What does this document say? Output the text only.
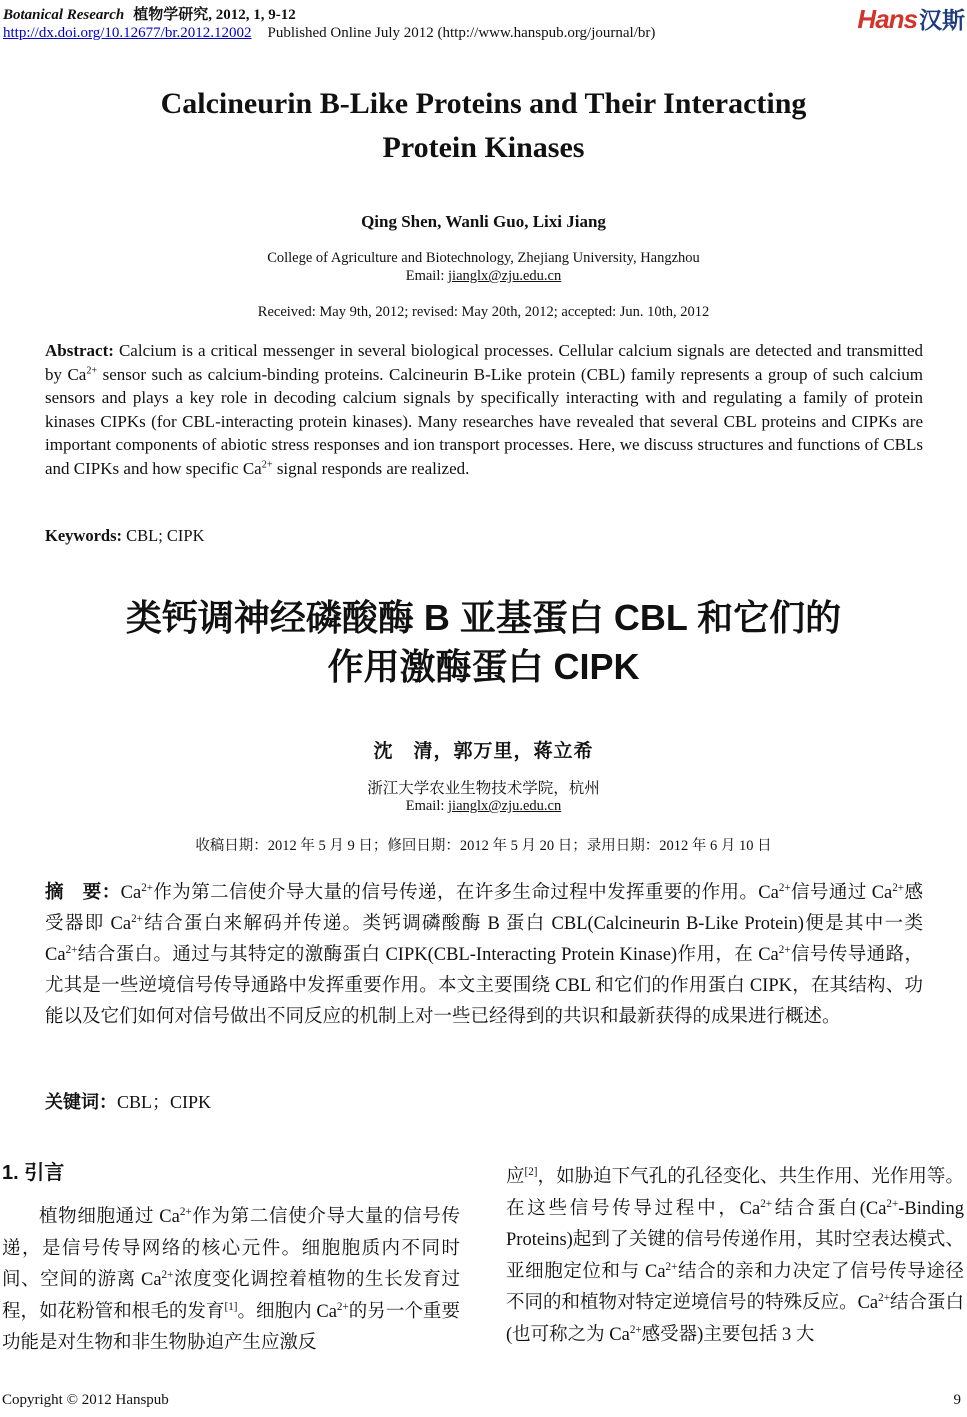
Botanical Research 植物学研究, 2012, 1, 9-12
http://dx.doi.org/10.12677/br.2012.12002 Published Online July 2012 (http://www.hanspub.org/journal/br)	Hans汉斯
Calcineurin B-Like Proteins and Their Interacting
Protein Kinases
Qing Shen, Wanli Guo, Lixi Jiang
College of Agriculture and Biotechnology, Zhejiang University, Hangzhou
Email: jianglx@zju.edu.cn
Received: May 9th, 2012; revised: May 20th, 2012; accepted: Jun. 10th, 2012

Abstract: Calcium is a critical messenger in several biological processes. Cellular calcium signals are detected and transmitted by $Ca^{2+}$ sensor such as calcium-binding proteins. Calcineurin B-Like protein (CBL) family represents a group of such calcium sensors and plays a key role in decoding calcium signals by specifically interacting with and regulating a family of protein kinases CIPKs (for CBL-interacting protein kinases). Many researches have revealed that several CBL proteins and CIPKs are important components of abiotic stress responses and ion transport processes. Here, we discuss structures and functions of CBLs and CIPKs and how specific $Ca^{2+}$ signal responds are realized.

Keywords: CBL; CIPK

类钙调神经磷酸酶 B 亚基蛋白 CBL 和它们的
作用激酶蛋白 CIPK
沈　清，郭万里，蒋立希
浙江大学农业生物技术学院，杭州
Email: jianglx@zju.edu.cn
收稿日期：2012 年 5 月 9 日；修回日期：2012 年 5 月 20 日；录用日期：2012 年 6 月 10 日

摘　要：$Ca^{2+}$作为第二信使介导大量的信号传递，在许多生命过程中发挥重要的作用。$Ca^{2+}$信号通过 $Ca^{2+}$感受器即 $Ca^{2+}$结合蛋白来解码并传递。类钙调磷酸酶 B 蛋白 CBL(Calcineurin B-Like Protein)便是其中一类 $Ca^{2+}$结合蛋白。通过与其特定的激酶蛋白 CIPK(CBL-Interacting Protein Kinase)作用，在 $Ca^{2+}$信号传导通路，尤其是一些逆境信号传导通路中发挥重要作用。本文主要围绕 CBL 和它们的作用蛋白 CIPK，在其结构、功能以及它们如何对信号做出不同反应的机制上对一些已经得到的共识和最新获得的成果进行概述。

关键词：CBL；CIPK

1. 引言

植物细胞通过 $Ca^{2+}$作为第二信使介导大量的信号传递，是信号传导网络的核心元件。细胞胞质内不同时间、空间的游离 $Ca^{2+}$浓度变化调控着植物的生长发育过程，如花粉管和根毛的发育[1]。细胞内 $Ca^{2+}$的另一个重要功能是对生物和非生物胁迫产生应激反

应[2]，如胁迫下气孔的孔径变化、共生作用、光作用等。在这些信号传导过程中，$Ca^{2+}$结合蛋白($Ca^{2+}$-Binding Proteins)起到了关键的信号传递作用，其时空表达模式、亚细胞定位和与 $Ca^{2+}$结合的亲和力决定了信号传导途径不同的和植物对特定逆境信号的特殊反应。$Ca^{2+}$结合蛋白(也可称之为 $Ca^{2+}$感受器)主要包括 3 大

Copyright © 2012 Hanspub	9
